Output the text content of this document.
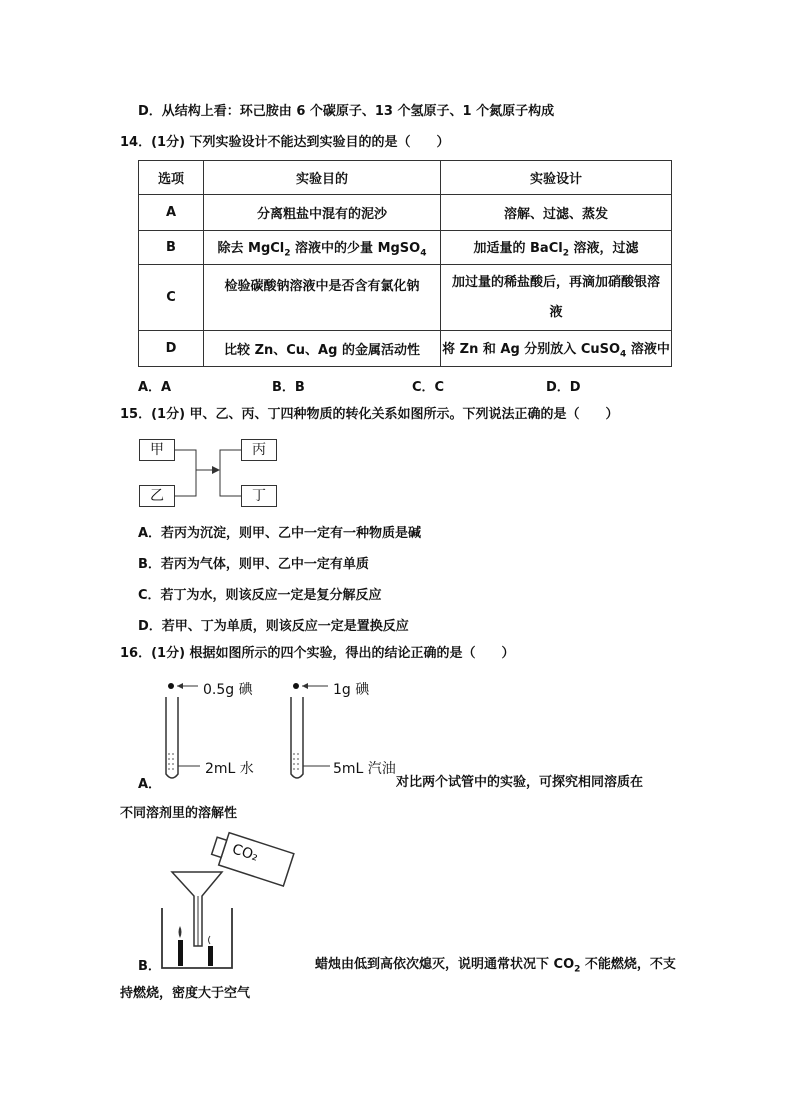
D．从结构上看：环己胺由 6 个碳原子、13 个氢原子、1 个氮原子构成
14．(1分) 下列实验设计不能达到实验目的的是（　　）
选项	实验目的	实验设计
A	分离粗盐中混有的泥沙	溶解、过滤、蒸发
B	除去 MgCl$_2$ 溶液中的少量 MgSO$_4$	加适量的 BaCl$_2$ 溶液，过滤
C	检验碳酸钠溶液中是否含有氯化钠	加过量的稀盐酸后，再滴加硝酸银溶
液

D	比较 Zn、Cu、Ag 的金属活动性	将 Zn 和 Ag 分别放入 CuSO$_4$ 溶液中
A．A	B．B	C．C	D．D
15．(1分) 甲、乙、丙、丁四种物质的转化关系如图所示。下列说法正确的是（　　）
甲
乙
丙
丁
A．若丙为沉淀，则甲、乙中一定有一种物质是碱
B．若丙为气体，则甲、乙中一定有单质
C．若丁为水，则该反应一定是复分解反应
D．若甲、丁为单质，则该反应一定是置换反应
16．(1分) 根据如图所示的四个实验，得出的结论正确的是（　　）
0.5g 碘
2mL 水
1g 碘
5mL 汽油
A．	对比两个试管中的实验，可探究相同溶质在
不同溶剂里的溶解性
CO₂
B．	蜡烛由低到高依次熄灭，说明通常状况下 $CO_2$ 不能燃烧，不支
持燃烧，密度大于空气
